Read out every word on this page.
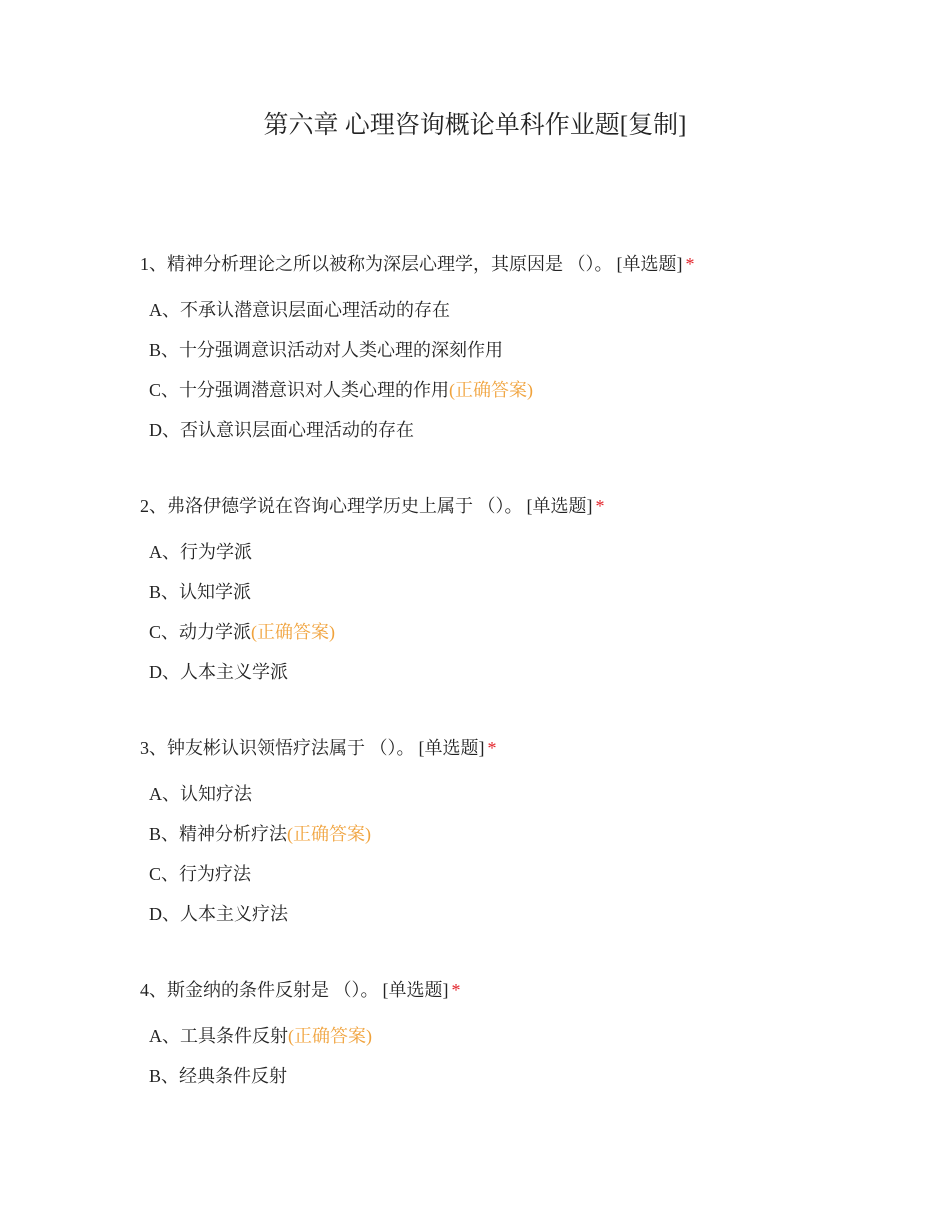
第六章 心理咨询概论单科作业题[复制]
1、精神分析理论之所以被称为深层心理学，其原因是 （）。 [单选题] *
A、不承认潜意识层面心理活动的存在
B、十分强调意识活动对人类心理的深刻作用
C、十分强调潜意识对人类心理的作用(正确答案)
D、否认意识层面心理活动的存在
2、弗洛伊德学说在咨询心理学历史上属于 （）。 [单选题] *
A、行为学派
B、认知学派
C、动力学派(正确答案)
D、人本主义学派
3、钟友彬认识领悟疗法属于 （）。 [单选题] *
A、认知疗法
B、精神分析疗法(正确答案)
C、行为疗法
D、人本主义疗法
4、斯金纳的条件反射是 （）。 [单选题] *
A、工具条件反射(正确答案)
B、经典条件反射
